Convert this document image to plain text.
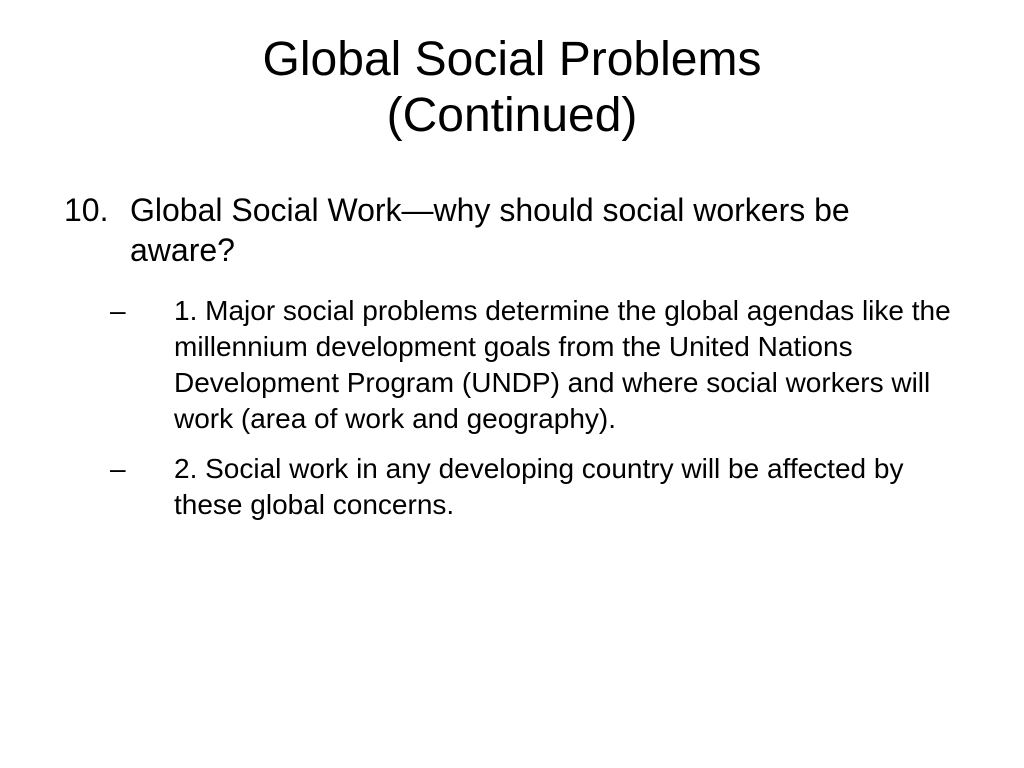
Global Social Problems
(Continued)
10. Global Social Work—why should social workers be aware?
– 1. Major social problems determine the global agendas like the millennium development goals from the United Nations Development Program (UNDP) and where social workers will work (area of work and geography).
– 2. Social work in any developing country will be affected by these global concerns.
